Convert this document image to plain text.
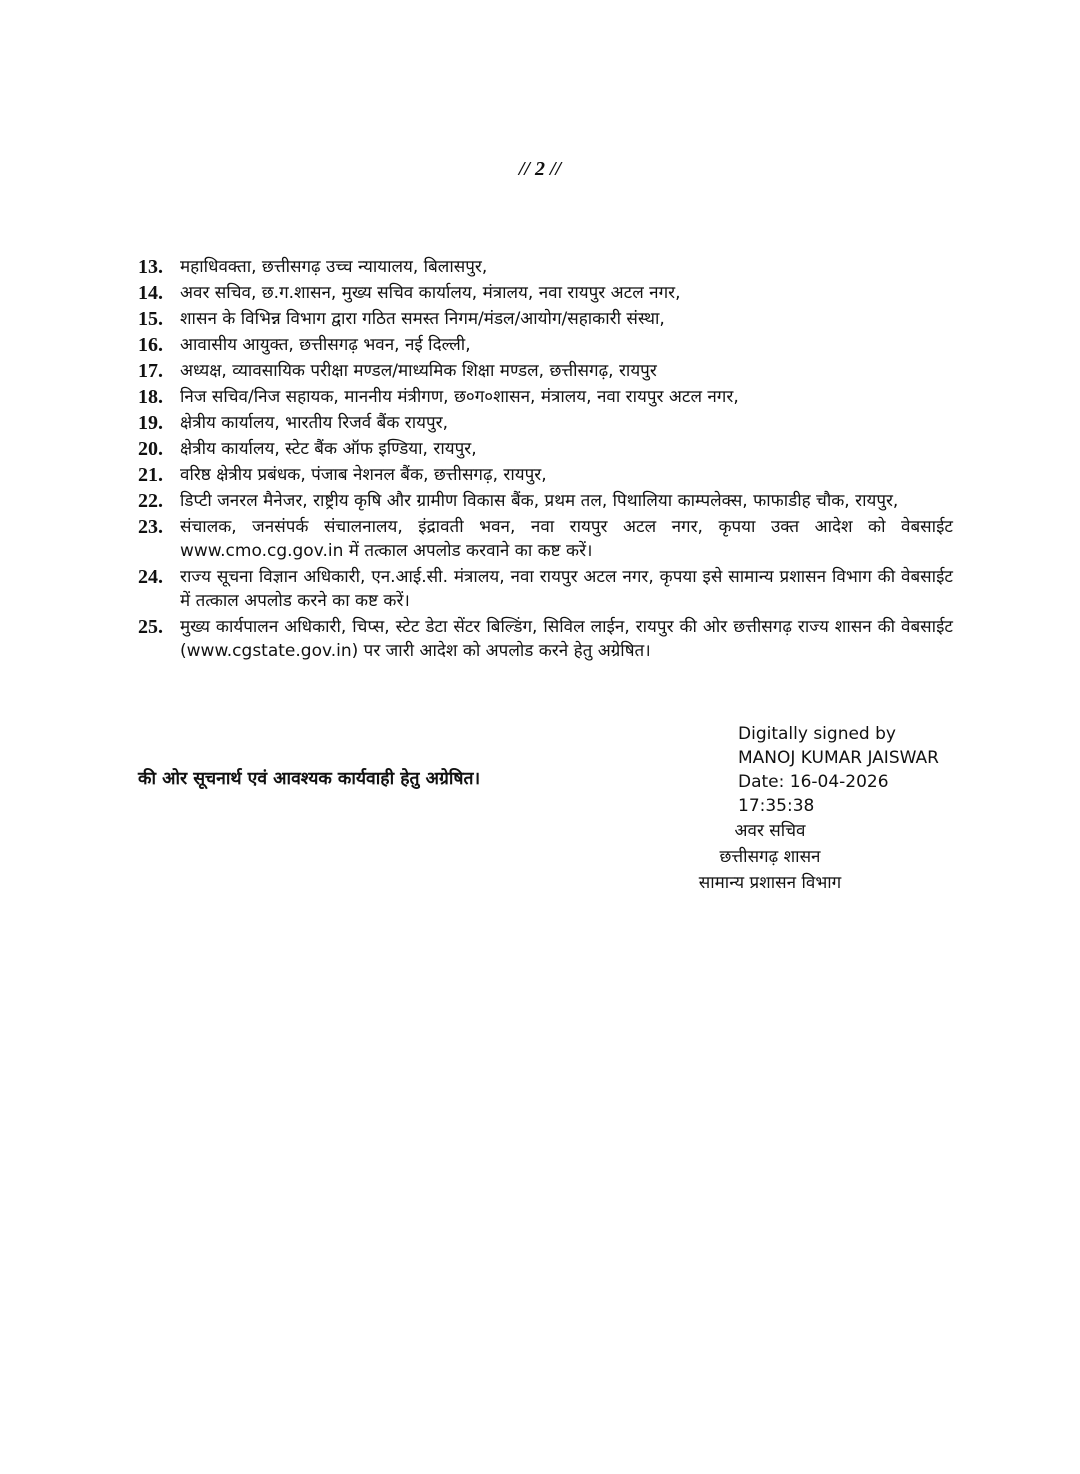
// 2 //
13.	महाधिवक्ता, छत्तीसगढ़ उच्च न्यायालय, बिलासपुर,
14.	अवर सचिव, छ.ग.शासन, मुख्य सचिव कार्यालय, मंत्रालय, नवा रायपुर अटल नगर,
15.	शासन के विभिन्न विभाग द्वारा गठित समस्त निगम/मंडल/आयोग/सहाकारी संस्था,
16.	आवासीय आयुक्त, छत्तीसगढ़ भवन, नई दिल्ली,
17.	अध्यक्ष, व्यावसायिक परीक्षा मण्डल/माध्यमिक शिक्षा मण्डल, छत्तीसगढ़, रायपुर
18.	निज सचिव/निज सहायक, माननीय मंत्रीगण, छ०ग०शासन, मंत्रालय, नवा रायपुर अटल नगर,
19.	क्षेत्रीय कार्यालय, भारतीय रिजर्व बैंक रायपुर,
20.	क्षेत्रीय कार्यालय, स्टेट बैंक ऑफ इण्डिया, रायपुर,
21.	वरिष्ठ क्षेत्रीय प्रबंधक, पंजाब नेशनल बैंक, छत्तीसगढ़, रायपुर,
22.	डिप्टी जनरल मैनेजर, राष्ट्रीय कृषि और ग्रामीण विकास बैंक, प्रथम तल, पिथालिया काम्पलेक्स, फाफाडीह चौक, रायपुर,
23.	संचालक, जनसंपर्क संचालनालय, इंद्रावती भवन, नवा रायपुर अटल नगर, कृपया उक्त आदेश को वेबसाईट www.cmo.cg.gov.in में तत्काल अपलोड करवाने का कष्ट करें।
24.	राज्य सूचना विज्ञान अधिकारी, एन.आई.सी. मंत्रालय, नवा रायपुर अटल नगर, कृपया इसे सामान्य प्रशासन विभाग की वेबसाईट में तत्काल अपलोड करने का कष्ट करें।
25.	मुख्य कार्यपालन अधिकारी, चिप्स, स्टेट डेटा सेंटर बिल्डिंग, सिविल लाईन, रायपुर की ओर छत्तीसगढ़ राज्य शासन की वेबसाईट (www.cgstate.gov.in) पर जारी आदेश को अपलोड करने हेतु अग्रेषित।
Digitally signed by
MANOJ KUMAR JAISWAR
Date: 16-04-2026
17:35:38
की ओर सूचनार्थ एवं आवश्यक कार्यवाही हेतु अग्रेषित।
अवर सचिव
छत्तीसगढ़ शासन
सामान्य प्रशासन विभाग
